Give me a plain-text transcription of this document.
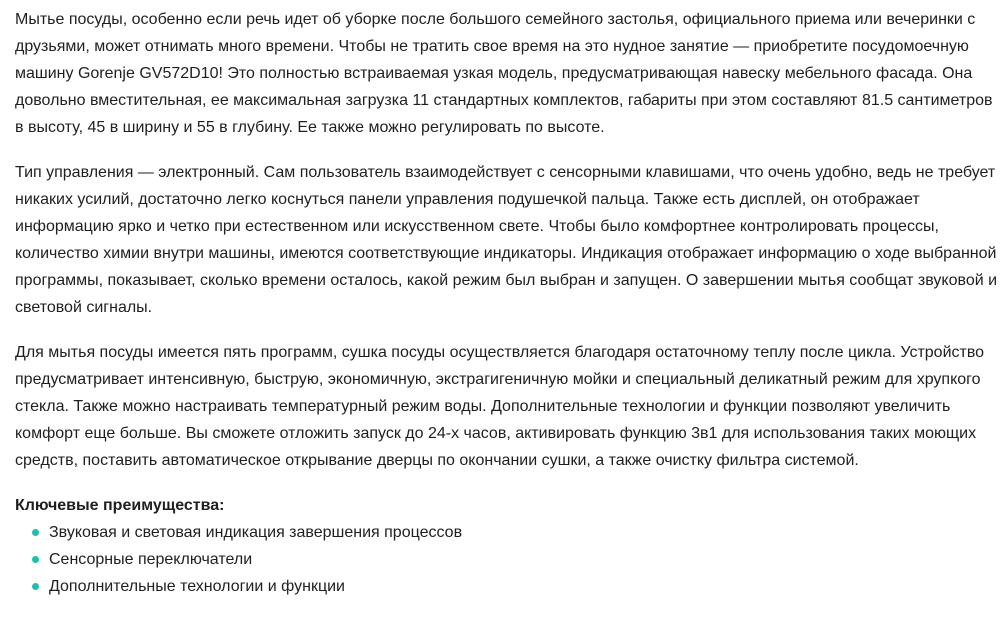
Мытье посуды, особенно если речь идет об уборке после большого семейного застолья, официального приема или вечеринки с друзьями, может отнимать много времени. Чтобы не тратить свое время на это нудное занятие — приобретите посудомоечную машину Gorenje GV572D10! Это полностью встраиваемая узкая модель, предусматривающая навеску мебельного фасада. Она довольно вместительная, ее максимальная загрузка 11 стандартных комплектов, габариты при этом составляют 81.5 сантиметров в высоту, 45 в ширину и 55 в глубину. Ее также можно регулировать по высоте.

Тип управления — электронный. Сам пользователь взаимодействует с сенсорными клавишами, что очень удобно, ведь не требует никаких усилий, достаточно легко коснуться панели управления подушечкой пальца. Также есть дисплей, он отображает информацию ярко и четко при естественном или искусственном свете. Чтобы было комфортнее контролировать процессы, количество химии внутри машины, имеются соответствующие индикаторы. Индикация отображает информацию о ходе выбранной программы, показывает, сколько времени осталось, какой режим был выбран и запущен. О завершении мытья сообщат звуковой и световой сигналы.

Для мытья посуды имеется пять программ, сушка посуды осуществляется благодаря остаточному теплу после цикла. Устройство предусматривает интенсивную, быструю, экономичную, экстрагигеничную мойки и специальный деликатный режим для хрупкого стекла. Также можно настраивать температурный режим воды. Дополнительные технологии и функции позволяют увеличить комфорт еще больше. Вы сможете отложить запуск до 24-х часов, активировать функцию 3в1 для использования таких моющих средств, поставить автоматическое открывание дверцы по окончании сушки, а также очистку фильтра системой.

Ключевые преимущества:
Звуковая и световая индикация завершения процессов
Сенсорные переключатели
Дополнительные технологии и функции
